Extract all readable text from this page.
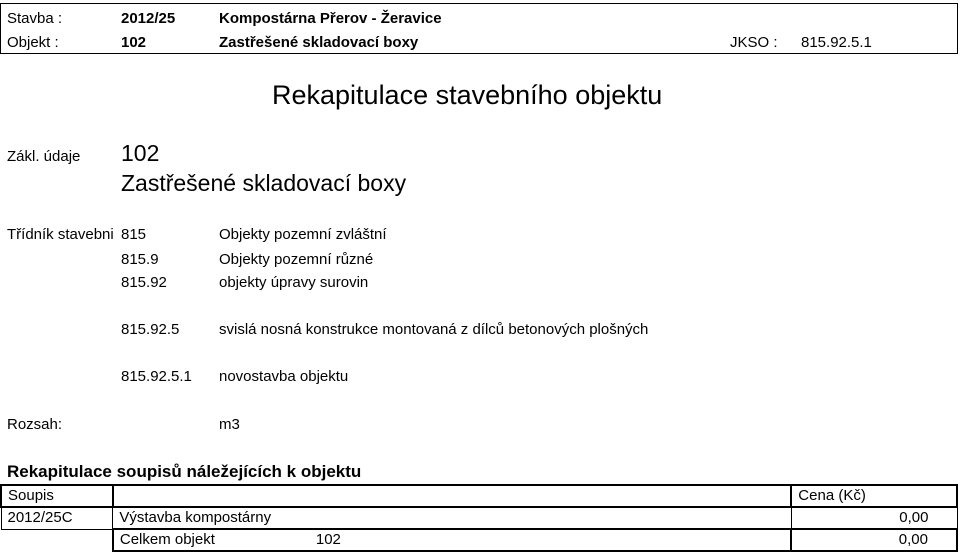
Stavba :	2012/25	Kompostárna Přerov - Žeravice
Objekt :	102	Zastřešené skladovací boxy	JKSO : 815.92.5.1
Rekapitulace stavebního objektu
Zákl. údaje 102
Zastřešené skladovací boxy
Třídník stavebni 815	Objekty pozemní zvláštní
815.9	Objekty pozemní různé
815.92	objekty úpravy surovin
815.92.5	svislá nosná konstrukce montovaná z dílců betonových plošných
815.92.5.1 novostavba objektu
Rozsah:	m3
Rekapitulace soupisů náležejících k objektu
Soupis		Cena (Kč)
2012/25C	Výstavba kompostárny	0,00
	Celkem objekt 102	0,00
